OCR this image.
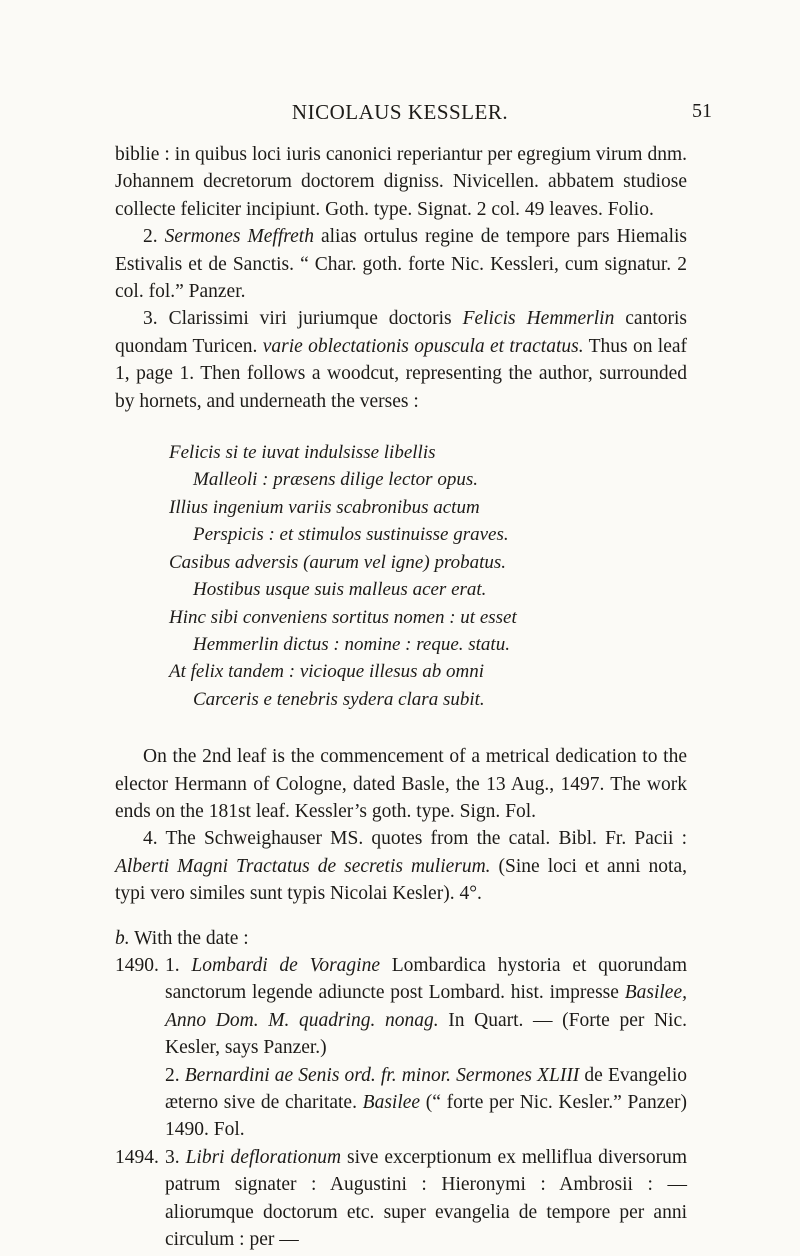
NICOLAUS KESSLER.	51

biblie : in quibus loci iuris canonici reperiantur per egregium virum dnm. Johannem decretorum doctorem digniss. Nivicellen. abbatem studiose collecte feliciter incipiunt. Goth. type. Signat. 2 col. 49 leaves. Folio.

2. Sermones Meffreth alias ortulus regine de tempore pars Hiemalis Estivalis et de Sanctis. “ Char. goth. forte Nic. Kessleri, cum signatur. 2 col. fol.” Panzer.

3. Clarissimi viri juriumque doctoris Felicis Hemmerlin cantoris quondam Turicen. varie oblectationis opuscula et tractatus. Thus on leaf 1, page 1. Then follows a woodcut, representing the author, surrounded by hornets, and underneath the verses :

Felicis si te iuvat indulsisse libellis
Malleoli : præsens dilige lector opus.
Illius ingenium variis scabronibus actum
Perspicis : et stimulos sustinuisse graves.
Casibus adversis (aurum vel igne) probatus.
Hostibus usque suis malleus acer erat.
Hinc sibi conveniens sortitus nomen : ut esset
Hemmerlin dictus : nomine : reque. statu.
At felix tandem : vicioque illesus ab omni
Carceris e tenebris sydera clara subit.

On the 2nd leaf is the commencement of a metrical dedication to the elector Hermann of Cologne, dated Basle, the 13 Aug., 1497. The work ends on the 181st leaf. Kessler’s goth. type. Sign. Fol.

4. The Schweighauser MS. quotes from the catal. Bibl. Fr. Pacii : Alberti Magni Tractatus de secretis mulierum. (Sine loci et anni nota, typi vero similes sunt typis Nicolai Kesler). 4°.

b. With the date :

1490. 1. Lombardi de Voragine Lombardica hystoria et quorundam sanctorum legende adiuncte post Lombard. hist. impresse Basilee, Anno Dom. M. quadring. nonag. In Quart. — (Forte per Nic. Kesler, says Panzer.)

2. Bernardini ae Senis ord. fr. minor. Sermones XLIII de Evangelio æterno sive de charitate. Basilee (“ forte per Nic. Kesler.” Panzer) 1490. Fol.

1494. 3. Libri deflorationum sive excerptionum ex melliflua diversorum patrum signater : Augustini : Hieronymi : Ambrosii : — aliorumque doctorum etc. super evangelia de tempore per anni circulum : per —
